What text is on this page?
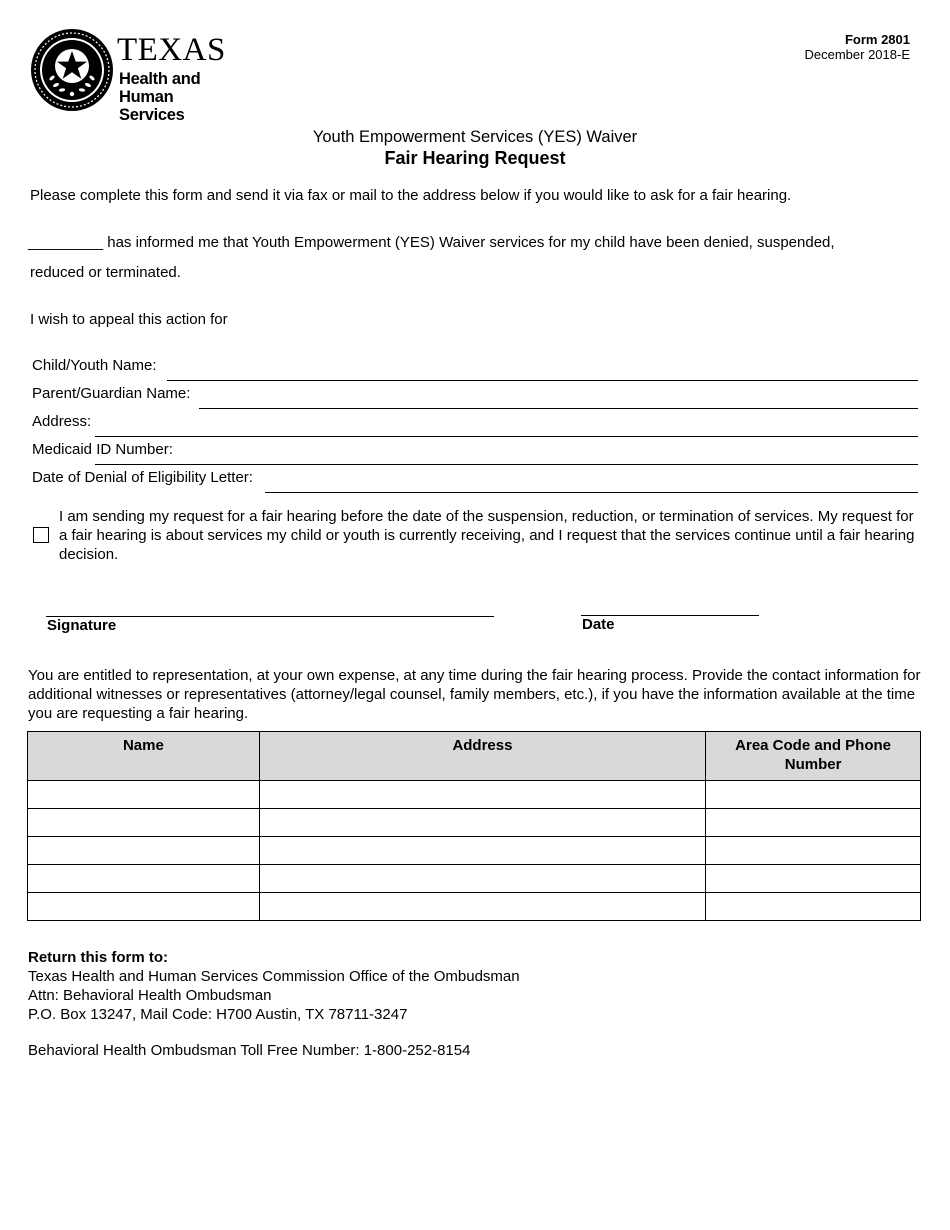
TEXAS
Health and Human
Services
Form 2801
December 2018-E
Youth Empowerment Services (YES) Waiver
Fair Hearing Request
Please complete this form and send it via fax or mail to the address below if you would like to ask for a fair hearing.
_________ has informed me that Youth Empowerment (YES) Waiver services for my child have been denied, suspended,
reduced or terminated.
I wish to appeal this action for
Child/Youth Name:
Parent/Guardian Name:
Address:
Medicaid ID Number:
Date of Denial of Eligibility Letter:
I am sending my request for a fair hearing before the date of the suspension, reduction, or termination of services. My request for a fair hearing is about services my child or youth is currently receiving, and I request that the services continue until a fair hearing decision.
Signature	Date
You are entitled to representation, at your own expense, at any time during the fair hearing process. Provide the contact information for additional witnesses or representatives (attorney/legal counsel, family members, etc.), if you have the information available at the time you are requesting a fair hearing.
Name	Address	Area Code and Phone Number

Return this form to:
Texas Health and Human Services Commission Office of the Ombudsman
Attn: Behavioral Health Ombudsman
P.O. Box 13247, Mail Code: H700 Austin, TX 78711-3247
Behavioral Health Ombudsman Toll Free Number: 1-800-252-8154
